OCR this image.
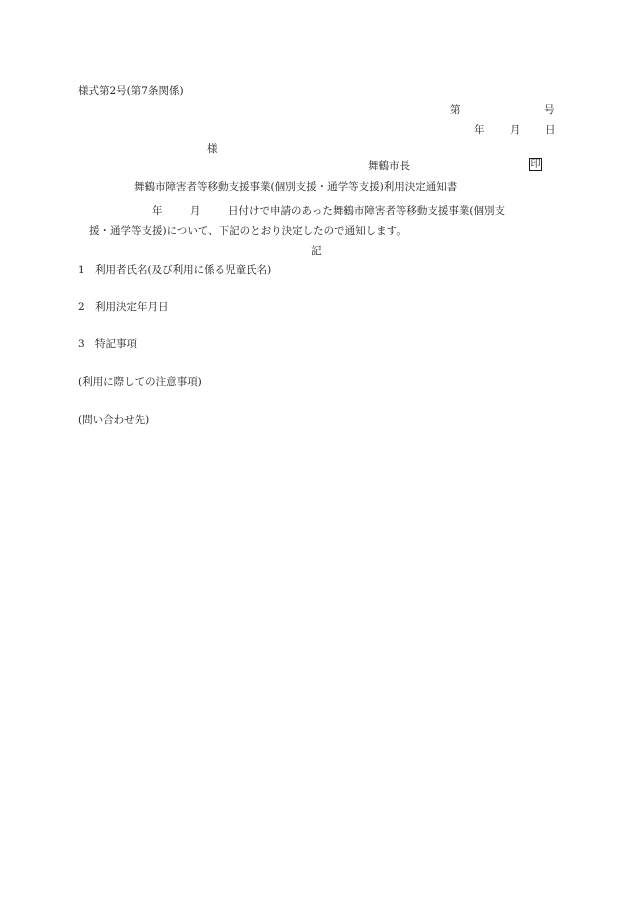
様式第2号(第7条関係)
第	号
年 月 日
様
舞鶴市長	印
舞鶴市障害者等移動支援事業(個別支援・通学等支援)利用決定通知書
年	月	日付けで申請のあった舞鶴市障害者等移動支援事業(個別支
援・通学等支援)について、下記のとおり決定したので通知します。
記
1 利用者氏名(及び利用に係る児童氏名)
2 利用決定年月日
3 特記事項
(利用に際しての注意事項)
(問い合わせ先)
